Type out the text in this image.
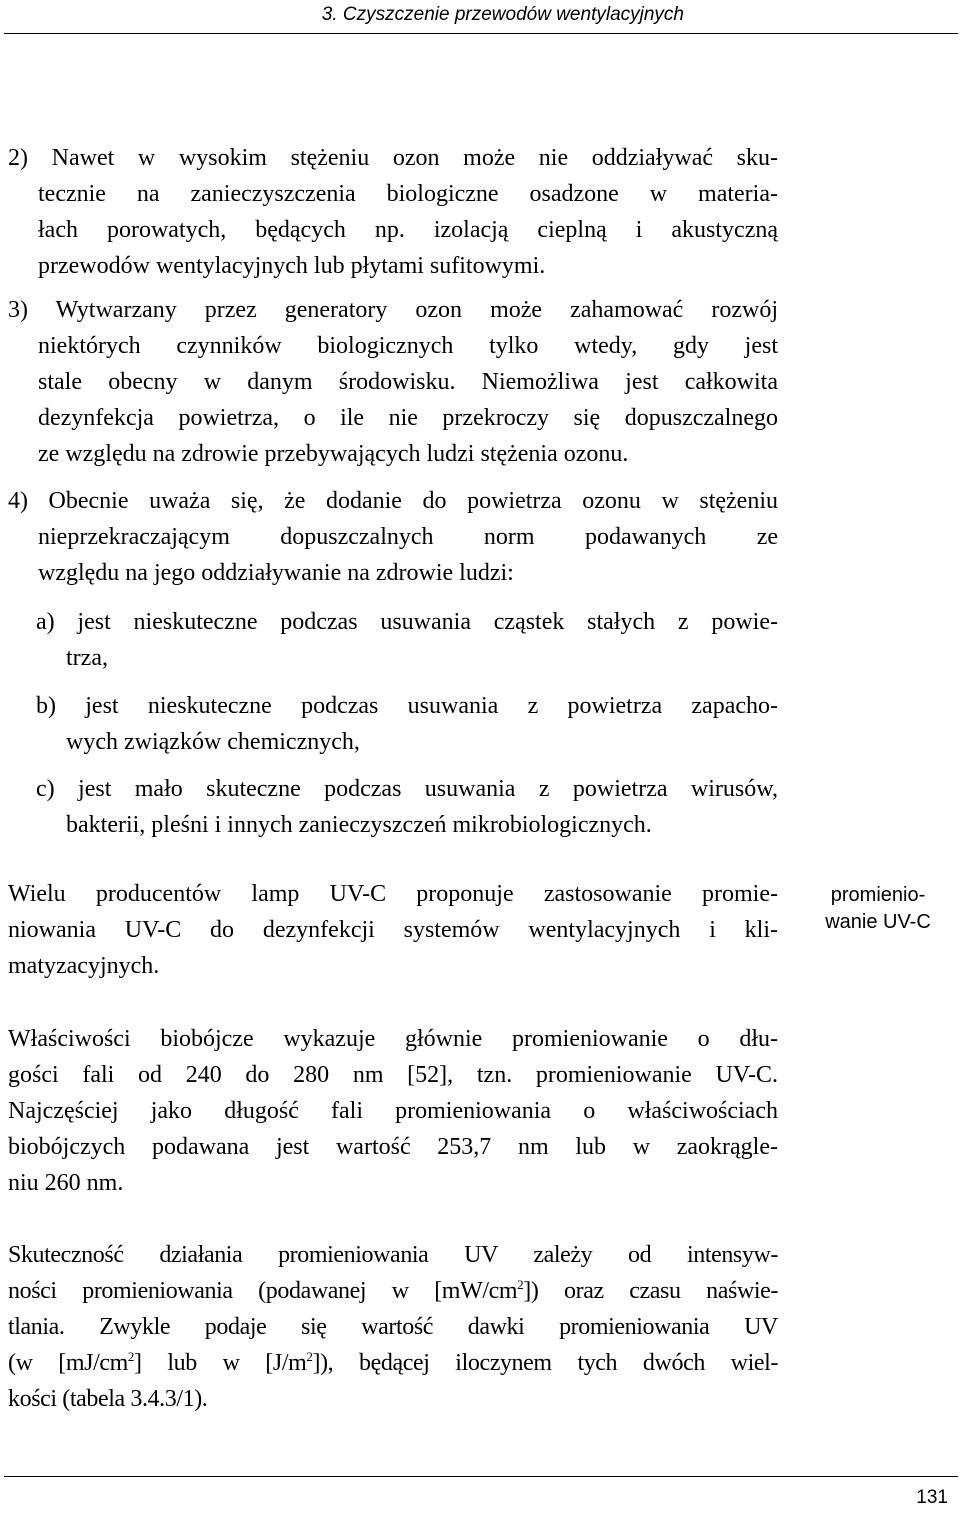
3. Czyszczenie przewodów wentylacyjnych
2) Nawet w wysokim stężeniu ozon może nie oddziaływać sku-
tecznie na zanieczyszczenia biologiczne osadzone w materia-
łach porowatych, będących np. izolacją cieplną i akustyczną
przewodów wentylacyjnych lub płytami sufitowymi.
3) Wytwarzany przez generatory ozon może zahamować rozwój
niektórych czynników biologicznych tylko wtedy, gdy jest
stale obecny w danym środowisku. Niemożliwa jest całkowita
dezynfekcja powietrza, o ile nie przekroczy się dopuszczalnego
ze względu na zdrowie przebywających ludzi stężenia ozonu.
4) Obecnie uważa się, że dodanie do powietrza ozonu w stężeniu
nieprzekraczającym dopuszczalnych norm podawanych ze
względu na jego oddziaływanie na zdrowie ludzi:
a) jest nieskuteczne podczas usuwania cząstek stałych z powie-
trza,
b) jest nieskuteczne podczas usuwania z powietrza zapacho-
wych związków chemicznych,
c) jest mało skuteczne podczas usuwania z powietrza wirusów,
bakterii, pleśni i innych zanieczyszczeń mikrobiologicznych.
Wielu producentów lamp UV-C proponuje zastosowanie promie-
niowania UV-C do dezynfekcji systemów wentylacyjnych i kli-
matyzacyjnych.
Właściwości biobójcze wykazuje głównie promieniowanie o dłu-
gości fali od 240 do 280 nm [52], tzn. promieniowanie UV-C.
Najczęściej jako długość fali promieniowania o właściwościach
biobójczych podawana jest wartość 253,7 nm lub w zaokrągle-
niu 260 nm.
Skuteczność działania promieniowania UV zależy od intensyw-
ności promieniowania (podawanej w $[mW/cm^2]$) oraz czasu naświe-
tlania. Zwykle podaje się wartość dawki promieniowania UV
(w $[mJ/cm^2]$ lub w $[J/m^2]$), będącej iloczynem tych dwóch wiel-
kości (tabela 3.4.3/1).
promienio-
wanie UV-C
131
